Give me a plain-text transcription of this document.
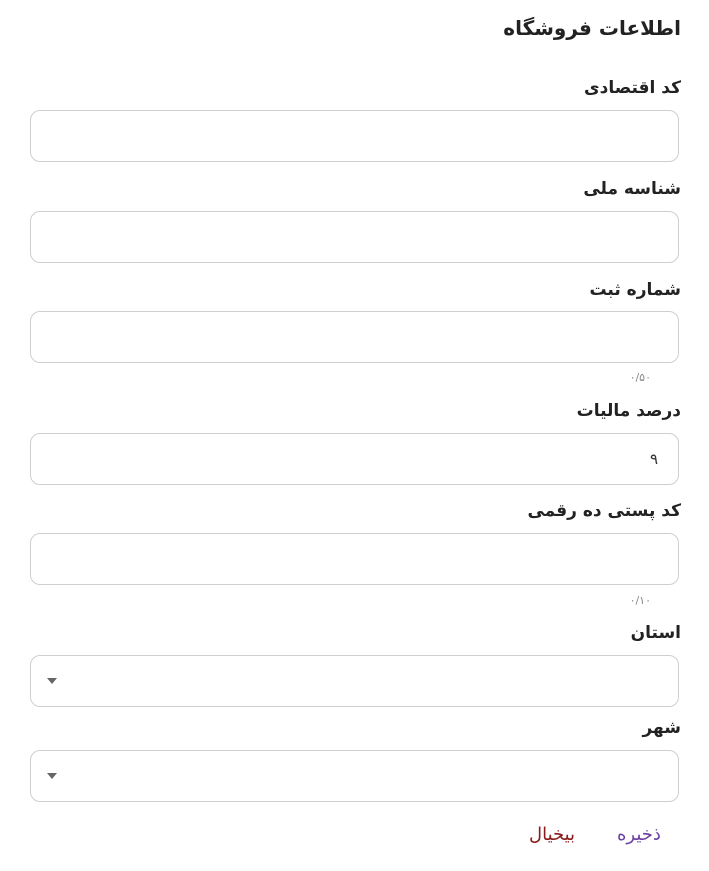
اطلاعات فروشگاه
کد اقتصادی
شناسه ملی
شماره ثبت
۰/۵۰
درصد مالیات
۹
کد پستی ده رقمی
۰/۱۰
استان
شهر
ذخیره
بیخیال
